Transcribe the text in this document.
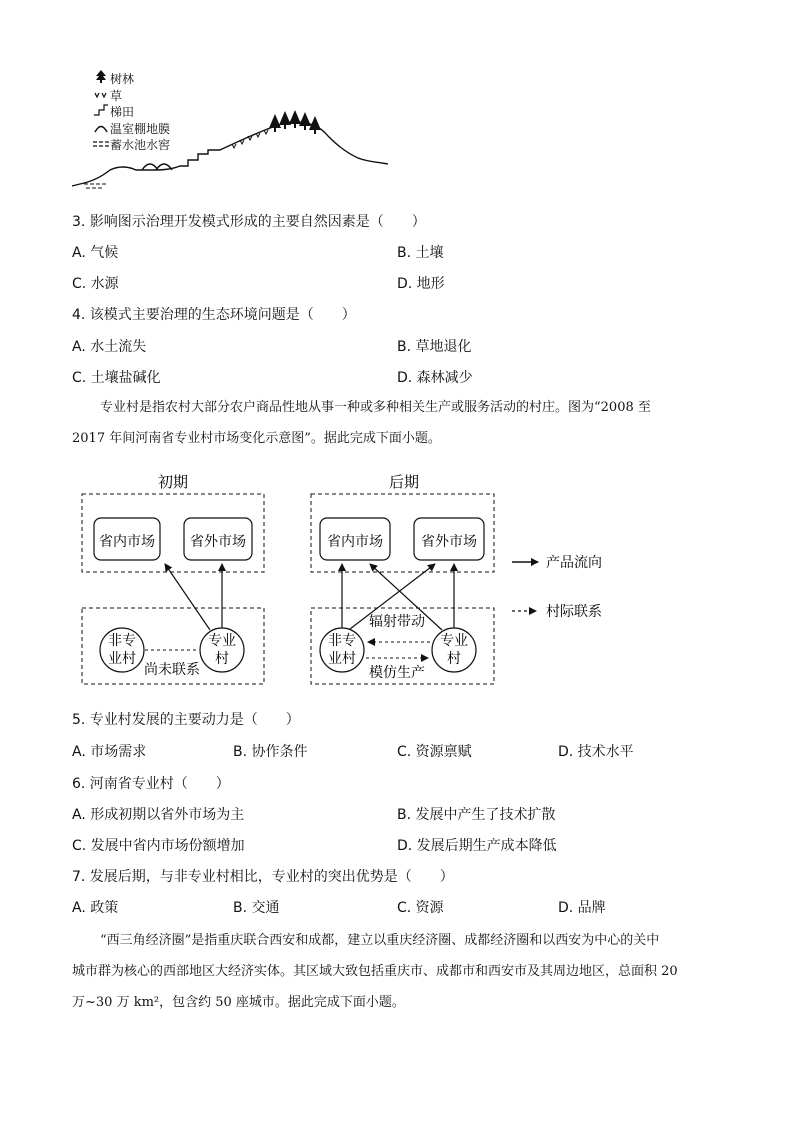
树林
草
梯田
温室棚地膜
蓄水池水窖
3. 影响图示治理开发模式形成的主要自然因素是（　　）
A. 气候	B. 土壤
C. 水源	D. 地形
4. 该模式主要治理的生态环境问题是（　　）
A. 水土流失	B. 草地退化
C. 土壤盐碱化	D. 森林减少
专业村是指农村大部分农户商品性地从事一种或多种相关生产或服务活动的村庄。图为“2008 至
2017 年间河南省专业村市场变化示意图”。据此完成下面小题。
初期
省内市场	省外市场
非专
业村
专业
村
尚未联系
后期
省内市场	省外市场
非专
业村
专业
村
辐射带动
模仿生产
产品流向
村际联系
5. 专业村发展的主要动力是（　　）
A. 市场需求	B. 协作条件	C. 资源禀赋	D. 技术水平
6. 河南省专业村（　　）
A. 形成初期以省外市场为主	B. 发展中产生了技术扩散
C. 发展中省内市场份额增加	D. 发展后期生产成本降低
7. 发展后期，与非专业村相比，专业村的突出优势是（　　）
A. 政策	B. 交通	C. 资源	D. 品牌
“西三角经济圈”是指重庆联合西安和成都，建立以重庆经济圈、成都经济圈和以西安为中心的关中
城市群为核心的西部地区大经济实体。其区域大致包括重庆市、成都市和西安市及其周边地区，总面积 20
万~30 万 km²，包含约 50 座城市。据此完成下面小题。
